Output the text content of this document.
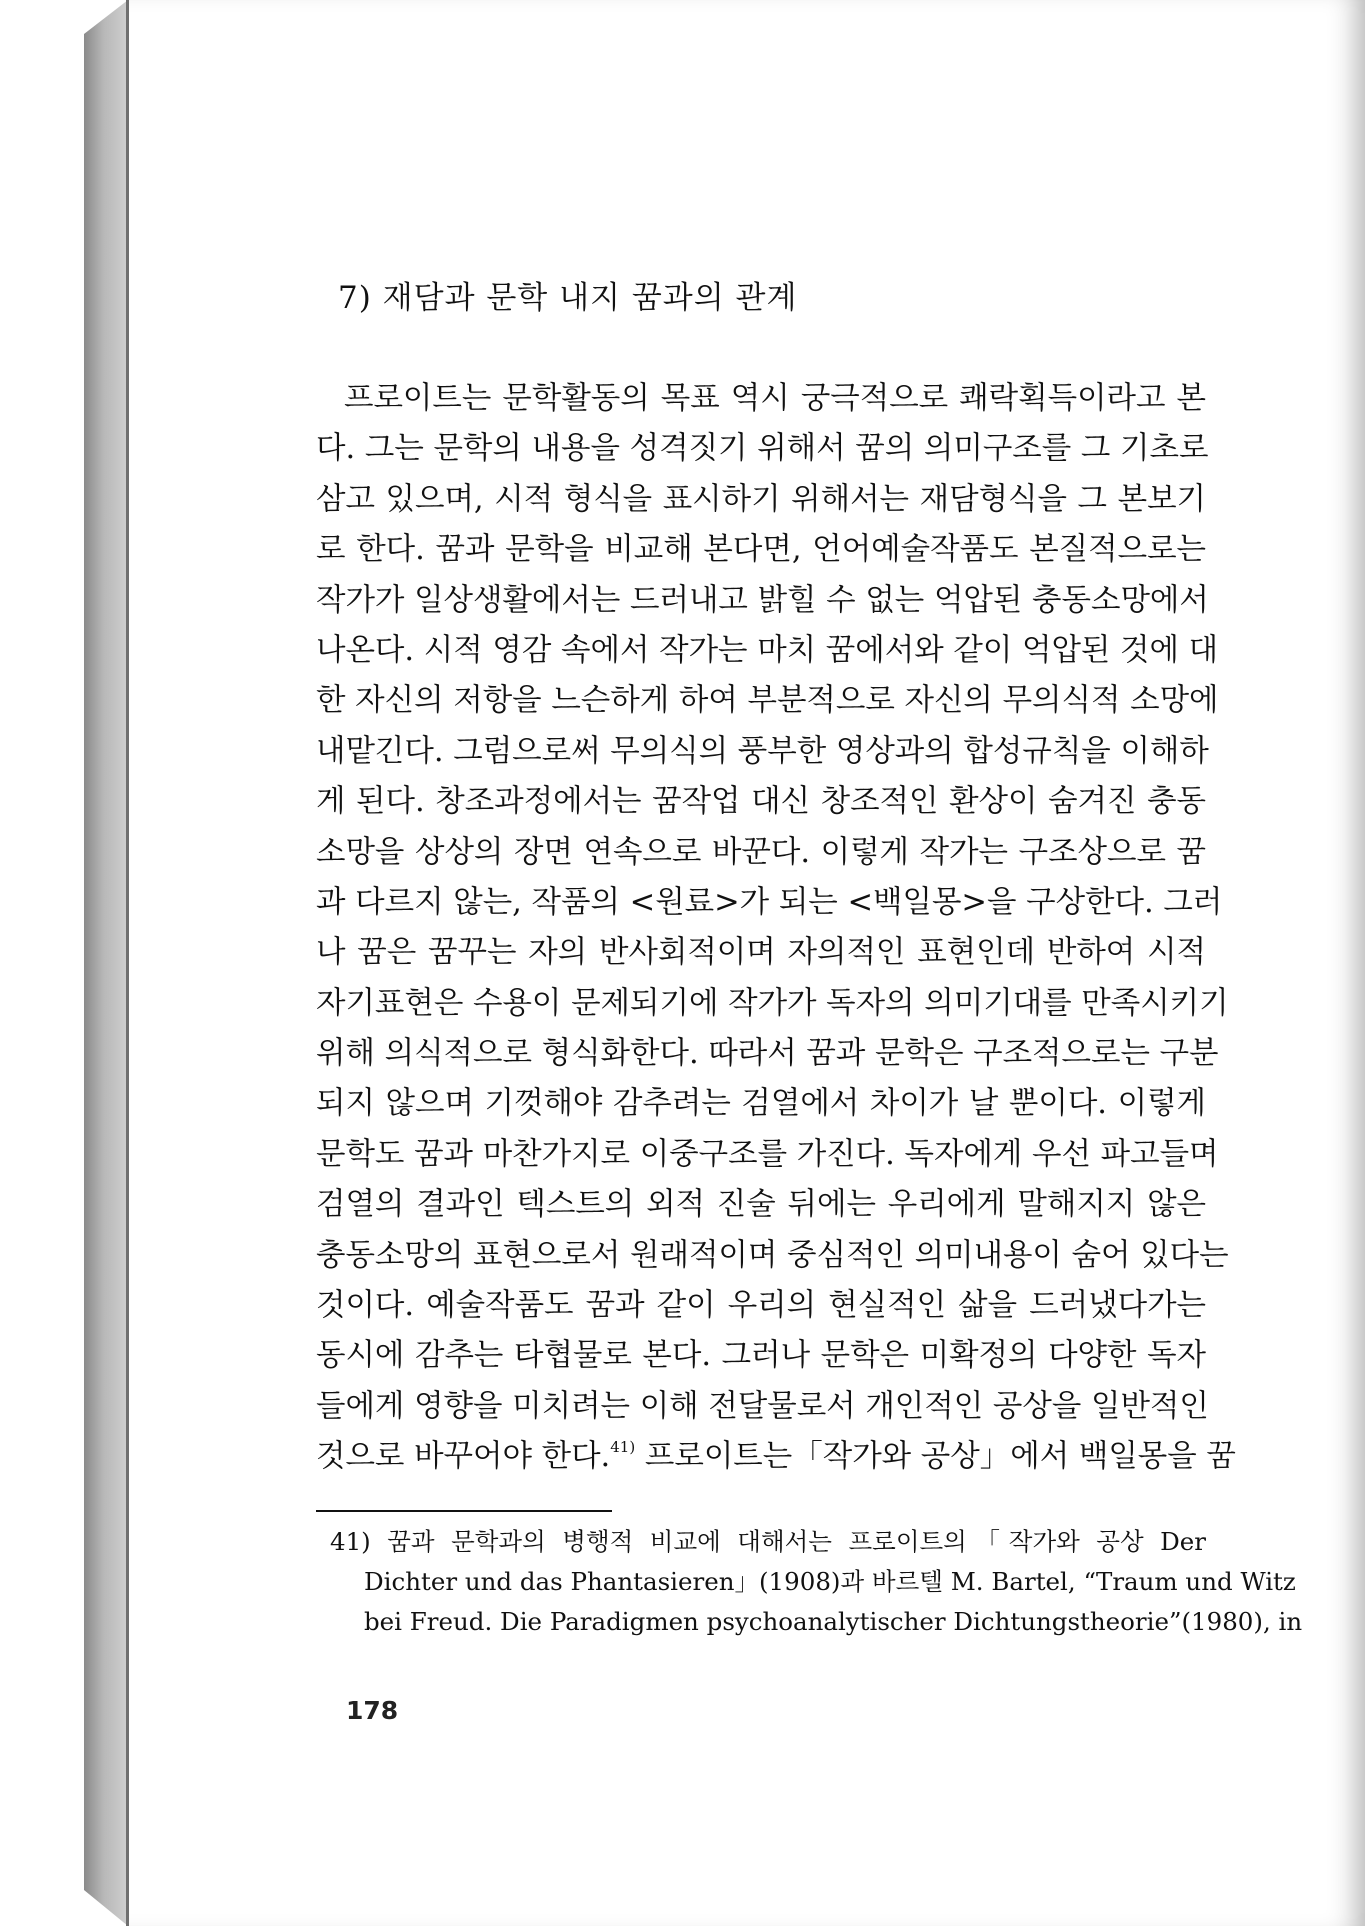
7) 재담과 문학 내지 꿈과의 관계
프로이트는 문학활동의 목표 역시 궁극적으로 쾌락획득이라고 본
다. 그는 문학의 내용을 성격짓기 위해서 꿈의 의미구조를 그 기초로
삼고 있으며, 시적 형식을 표시하기 위해서는 재담형식을 그 본보기
로 한다. 꿈과 문학을 비교해 본다면, 언어예술작품도 본질적으로는
작가가 일상생활에서는 드러내고 밝힐 수 없는 억압된 충동소망에서
나온다. 시적 영감 속에서 작가는 마치 꿈에서와 같이 억압된 것에 대
한 자신의 저항을 느슨하게 하여 부분적으로 자신의 무의식적 소망에
내맡긴다. 그럼으로써 무의식의 풍부한 영상과의 합성규칙을 이해하
게 된다. 창조과정에서는 꿈작업 대신 창조적인 환상이 숨겨진 충동
소망을 상상의 장면 연속으로 바꾼다. 이렇게 작가는 구조상으로 꿈
과 다르지 않는, 작품의 <원료>가 되는 <백일몽>을 구상한다. 그러
나 꿈은 꿈꾸는 자의 반사회적이며 자의적인 표현인데 반하여 시적
자기표현은 수용이 문제되기에 작가가 독자의 의미기대를 만족시키기
위해 의식적으로 형식화한다. 따라서 꿈과 문학은 구조적으로는 구분
되지 않으며 기껏해야 감추려는 검열에서 차이가 날 뿐이다. 이렇게
문학도 꿈과 마찬가지로 이중구조를 가진다. 독자에게 우선 파고들며
검열의 결과인 텍스트의 외적 진술 뒤에는 우리에게 말해지지 않은
충동소망의 표현으로서 원래적이며 중심적인 의미내용이 숨어 있다는
것이다. 예술작품도 꿈과 같이 우리의 현실적인 삶을 드러냈다가는
동시에 감추는 타협물로 본다. 그러나 문학은 미확정의 다양한 독자
들에게 영향을 미치려는 이해 전달물로서 개인적인 공상을 일반적인
것으로 바꾸어야 한다.$^{41)}$ 프로이트는「작가와 공상」에서 백일몽을 꿈
41) 꿈과 문학과의 병행적 비교에 대해서는 프로이트의「작가와 공상 Der
Dichter und das Phantasieren」(1908)과 바르텔 M. Bartel, “Traum und Witz
bei Freud. Die Paradigmen psychoanalytischer Dichtungstheorie”(1980), in
178
